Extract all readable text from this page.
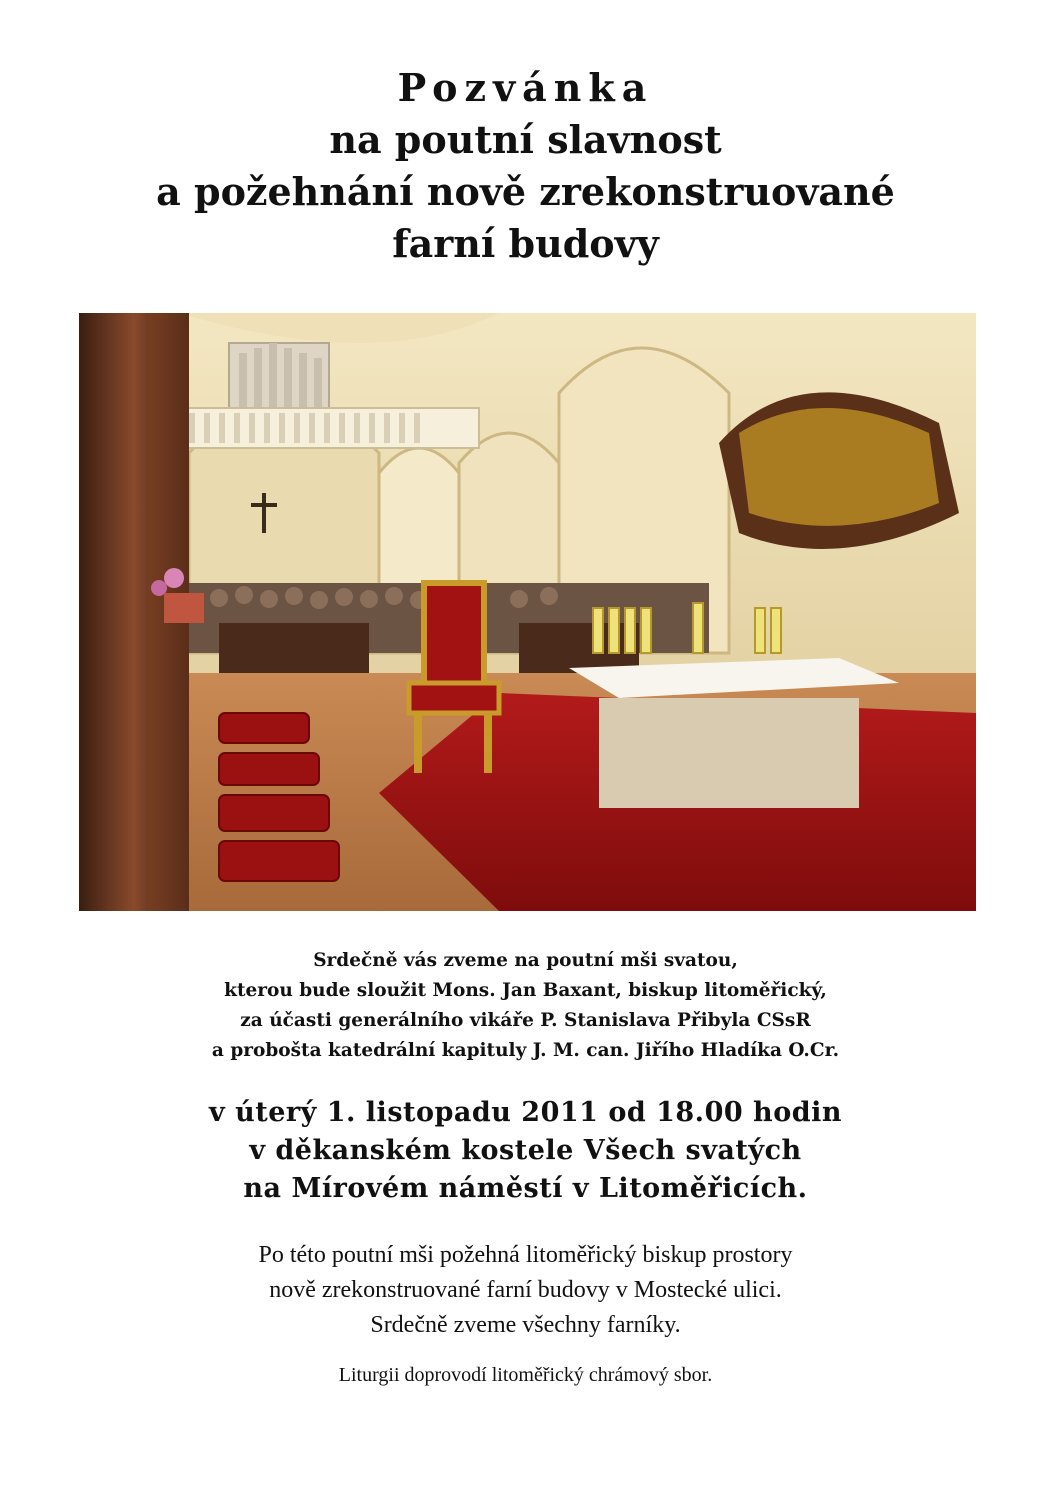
Pozvánka
na poutní slavnost
a požehnání nově zrekonstruované
farní budovy
Srdečně vás zveme na poutní mši svatou,
kterou bude sloužit Mons. Jan Baxant, biskup litoměřický,
za účasti generálního vikáře P. Stanislava Přibyla CSsR
a probošta katedrální kapituly J. M. can. Jiřího Hladíka O.Cr.
v úterý 1. listopadu 2011 od 18.00 hodin
v děkanském kostele Všech svatých
na Mírovém náměstí v Litoměřicích.
Po této poutní mši požehná litoměřický biskup prostory
nově zrekonstruované farní budovy v Mostecké ulici.
Srdečně zveme všechny farníky.
Liturgii doprovodí litoměřický chrámový sbor.
